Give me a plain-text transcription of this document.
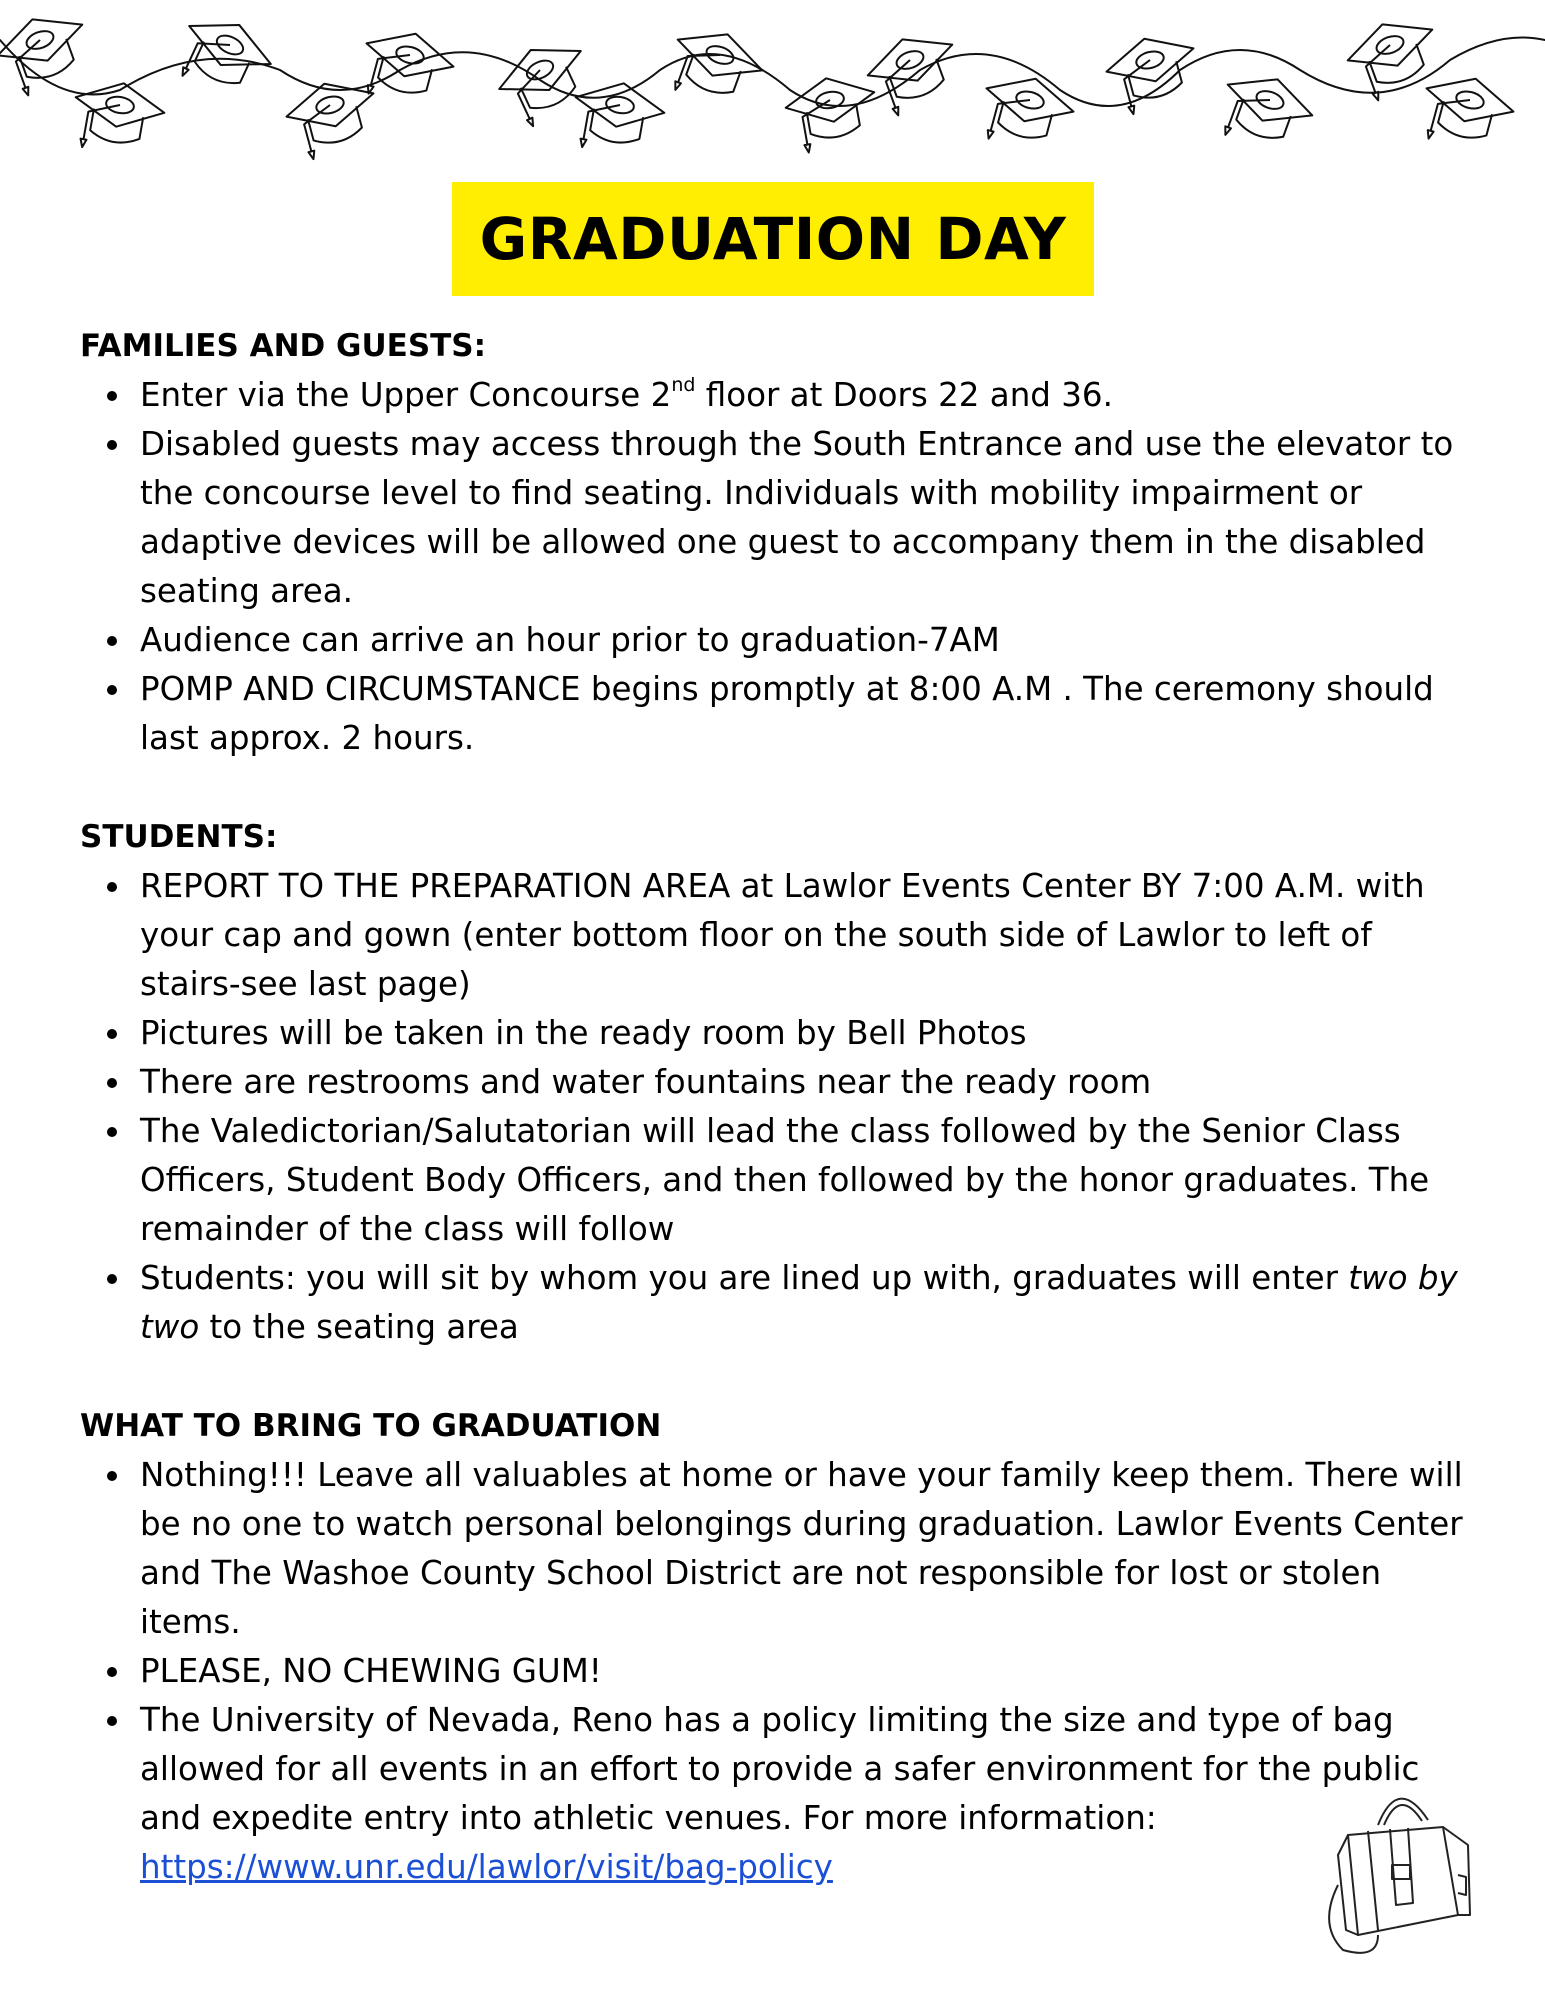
GRADUATION DAY

FAMILIES AND GUESTS:

Enter via the Upper Concourse 2nd floor at Doors 22 and 36.
Disabled guests may access through the South Entrance and use the elevator to the concourse level to find seating. Individuals with mobility impairment or adaptive devices will be allowed one guest to accompany them in the disabled seating area.
Audience can arrive an hour prior to graduation-7AM
POMP AND CIRCUMSTANCE begins promptly at 8:00 A.M . The ceremony should last approx. 2 hours.

STUDENTS:

REPORT TO THE PREPARATION AREA at Lawlor Events Center BY 7:00 A.M. with your cap and gown (enter bottom floor on the south side of Lawlor to left of stairs-see last page)
Pictures will be taken in the ready room by Bell Photos
There are restrooms and water fountains near the ready room
The Valedictorian/Salutatorian will lead the class followed by the Senior Class Officers, Student Body Officers, and then followed by the honor graduates. The remainder of the class will follow
Students: you will sit by whom you are lined up with, graduates will enter two by two to the seating area

WHAT TO BRING TO GRADUATION

Nothing!!! Leave all valuables at home or have your family keep them. There will be no one to watch personal belongings during graduation. Lawlor Events Center and The Washoe County School District are not responsible for lost or stolen items.
PLEASE, NO CHEWING GUM!
The University of Nevada, Reno has a policy limiting the size and type of bag allowed for all events in an effort to provide a safer environment for the public and expedite entry into athletic venues. For more information:
https://www.unr.edu/lawlor/visit/bag-policy
